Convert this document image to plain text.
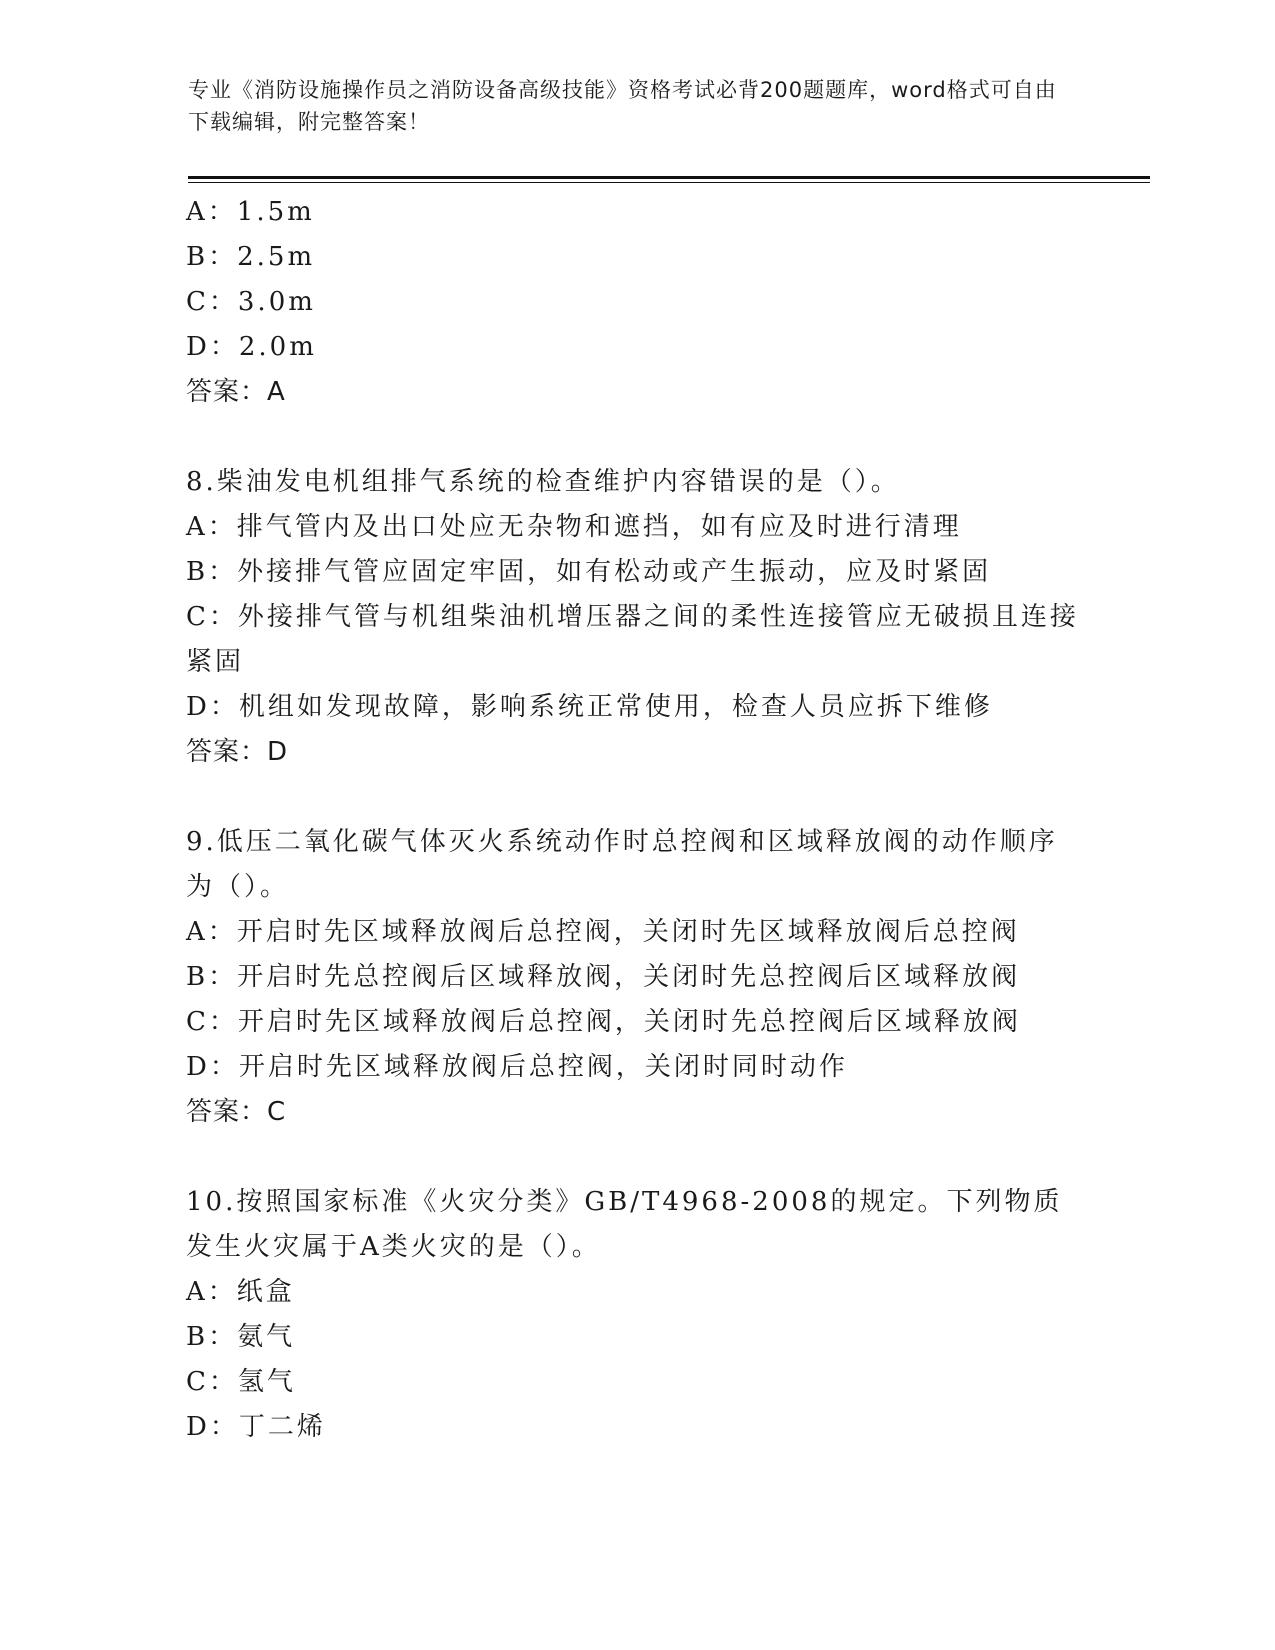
专业《消防设施操作员之消防设备高级技能》资格考试必背200题题库，word格式可自由下载编辑，附完整答案！
A：1.5m
B：2.5m
C：3.0m
D：2.0m
答案：A
8.柴油发电机组排气系统的检查维护内容错误的是（）。
A：排气管内及出口处应无杂物和遮挡，如有应及时进行清理
B：外接排气管应固定牢固，如有松动或产生振动，应及时紧固
C：外接排气管与机组柴油机增压器之间的柔性连接管应无破损且连接紧固
D：机组如发现故障，影响系统正常使用，检查人员应拆下维修
答案：D
9.低压二氧化碳气体灭火系统动作时总控阀和区域释放阀的动作顺序为（）。
A：开启时先区域释放阀后总控阀，关闭时先区域释放阀后总控阀
B：开启时先总控阀后区域释放阀，关闭时先总控阀后区域释放阀
C：开启时先区域释放阀后总控阀，关闭时先总控阀后区域释放阀
D：开启时先区域释放阀后总控阀，关闭时同时动作
答案：C
10.按照国家标准《火灾分类》GB/T4968-2008的规定。下列物质发生火灾属于A类火灾的是（）。
A：纸盒
B：氨气
C：氢气
D：丁二烯
